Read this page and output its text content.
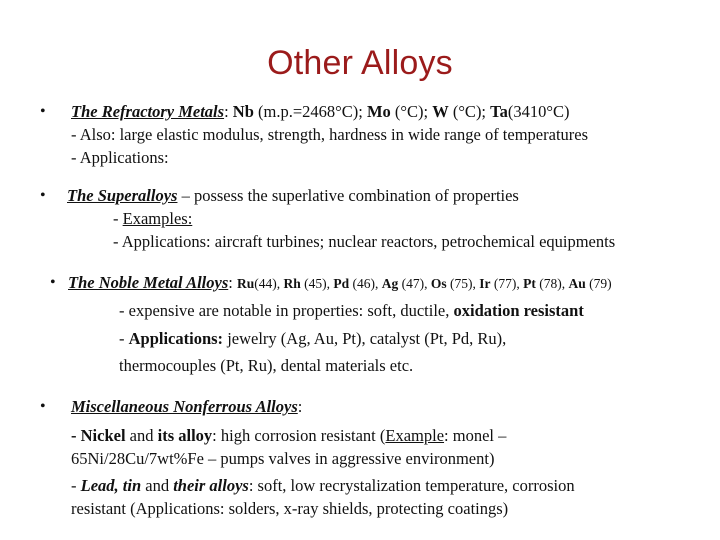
Other Alloys
• The Refractory Metals: Nb (m.p.=2468°C); Mo (°C); W (°C); Ta(3410°C)
- Also: large elastic modulus, strength, hardness in wide range of temperatures
- Applications:
• The Superalloys – possess the superlative combination of properties
- Examples:
- Applications: aircraft turbines; nuclear reactors, petrochemical equipments
• The Noble Metal Alloys: Ru(44), Rh (45), Pd (46), Ag (47), Os (75), Ir (77), Pt (78), Au (79)
- expensive are notable in properties: soft, ductile, oxidation resistant
- Applications: jewelry (Ag, Au, Pt), catalyst (Pt, Pd, Ru),
thermocouples (Pt, Ru), dental materials etc.
• Miscellaneous Nonferrous Alloys:
- Nickel and its alloy: high corrosion resistant (Example: monel –
65Ni/28Cu/7wt%Fe – pumps valves in aggressive environment)
- Lead, tin and their alloys: soft, low recrystalization temperature, corrosion
resistant (Applications: solders, x-ray shields, protecting coatings)
